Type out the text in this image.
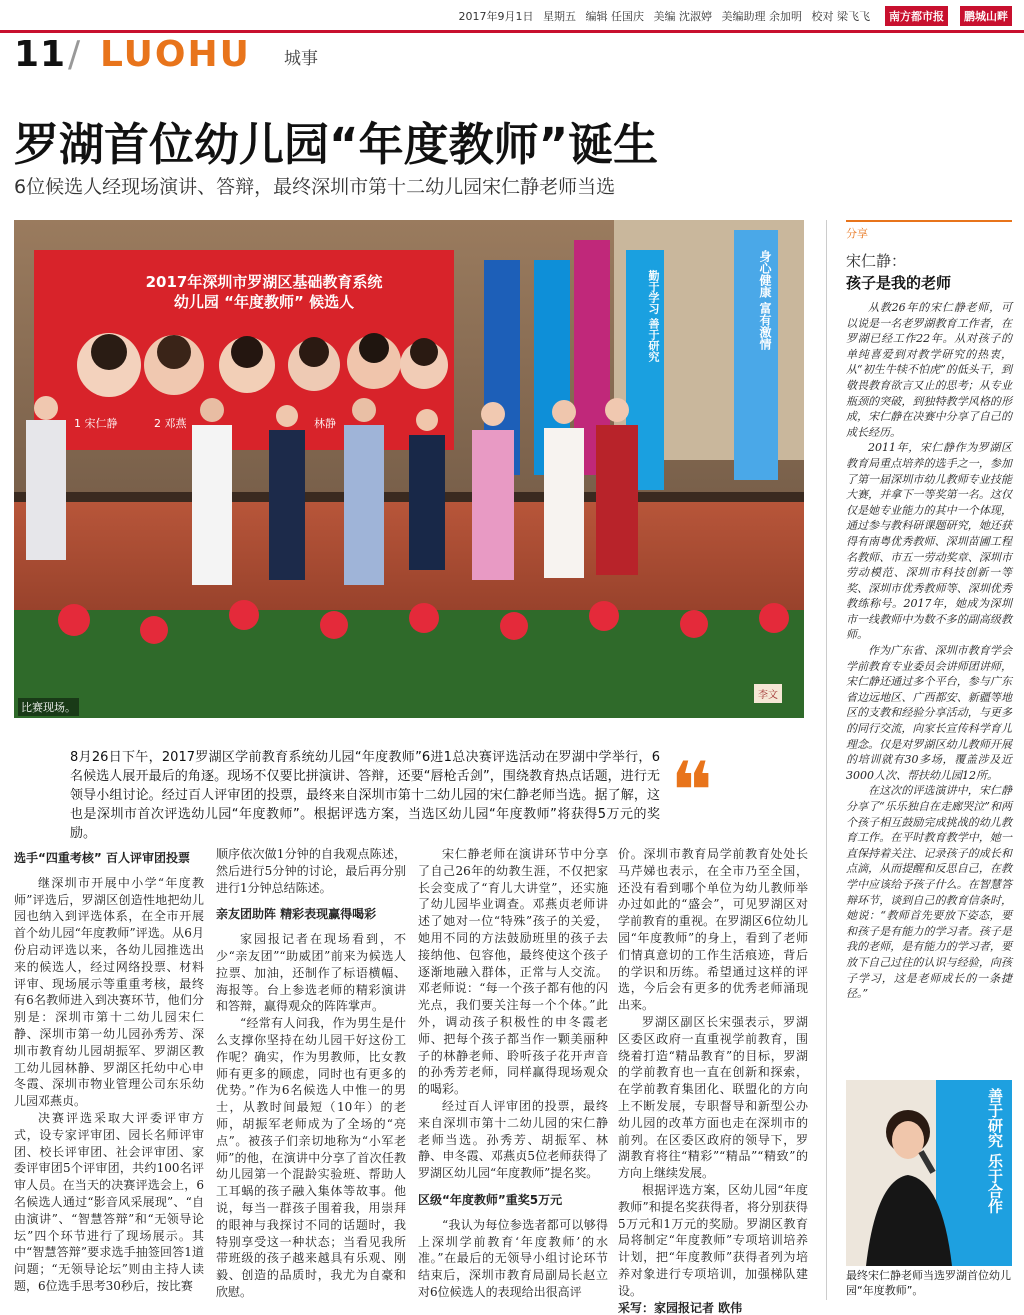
2017年9月1日 星期五 编辑 任国庆 美编 沈淑婷 美编助理 余加明 校对 梁飞飞	南方都市报	鹏城山畔
11 / LUOHU 城事
罗湖首位幼儿园“年度教师”诞生
6位候选人经现场演讲、答辩，最终深圳市第十二幼儿园宋仁静老师当选
2017年深圳市罗湖区基础教育系统
幼儿园 “年度教师” 候选人
1 宋仁静	2 邓燕	林静
身心健康 富有激情
勤于学习 善于研究
李文
比赛现场。
8月26日下午，2017罗湖区学前教育系统幼儿园“年度教师”6进1总决赛评选活动在罗湖中学举行，6名候选人展开最后的角逐。现场不仅要比拼演讲、答辩，还要“唇枪舌剑”，围绕教育热点话题，进行无领导小组讨论。经过百人评审团的投票，最终来自深圳市第十二幼儿园的宋仁静老师当选。据了解，这也是深圳市首次评选幼儿园“年度教师”。根据评选方案，当选区幼儿园“年度教师”将获得5万元的奖励。	❝
选手“四重考核” 百人评审团投票

继深圳市开展中小学“年度教师”评选后，罗湖区创造性地把幼儿园也纳入到评选体系，在全市开展首个幼儿园“年度教师”评选。从6月份启动评选以来，各幼儿园推选出来的候选人，经过网络投票、材料评审、现场展示等重重考核，最终有6名教师进入到决赛环节，他们分别是：深圳市第十二幼儿园宋仁静、深圳市第一幼儿园孙秀芳、深圳市教育幼儿园胡振军、罗湖区教工幼儿园林静、罗湖区托幼中心申冬霞、深圳市物业管理公司东乐幼儿园邓燕贞。

决赛评选采取大评委评审方式，设专家评审团、园长名师评审团、校长评审团、社会评审团、家委评审团5个评审团，共约100名评审人员。在当天的决赛评选会上，6名候选人通过“影音风采展现”、“自由演讲”、“智慧答辩”和“无领导论坛”四个环节进行了现场展示。其中“智慧答辩”要求选手抽签回答1道问题；“无领导论坛”则由主持人读题，6位选手思考30秒后，按比赛

顺序依次做1分钟的自我观点陈述，然后进行5分钟的讨论，最后再分别进行1分钟总结陈述。

亲友团助阵 精彩表现赢得喝彩

家园报记者在现场看到，不少“亲友团”“助威团”前来为候选人拉票、加油，还制作了标语横幅、海报等。台上参选老师的精彩演讲和答辩，赢得观众的阵阵掌声。

“经常有人问我，作为男生是什么支撑你坚持在幼儿园干好这份工作呢？确实，作为男教师，比女教师有更多的顾虑，同时也有更多的优势。”作为6名候选人中惟一的男士，从教时间最短（10年）的老师，胡振军老师成为了全场的“亮点”。被孩子们亲切地称为“小军老师”的他，在演讲中分享了首次任教幼儿园第一个混龄实验班、帮助人工耳蜗的孩子融入集体等故事。他说，每当一群孩子围着我，用崇拜的眼神与我探讨不同的话题时，我特别享受这一种状态；当看见我所带班级的孩子越来越具有乐观、刚毅、创造的品质时，我尤为自豪和欣慰。

宋仁静老师在演讲环节中分享了自己26年的幼教生涯，不仅把家长会变成了“育儿大讲堂”，还实施了幼儿园毕业调查。邓燕贞老师讲述了她对一位“特殊”孩子的关爱，她用不同的方法鼓励班里的孩子去接纳他、包容他，最终使这个孩子逐渐地融入群体，正常与人交流。邓老师说：“每一个孩子都有他的闪光点，我们要关注每一个个体。”此外，调动孩子积极性的申冬霞老师、把每个孩子都当作一颗美丽种子的林静老师、聆听孩子花开声音的孙秀芳老师，同样赢得现场观众的喝彩。

经过百人评审团的投票，最终来自深圳市第十二幼儿园的宋仁静老师当选。孙秀芳、胡振军、林静、申冬霞、邓燕贞5位老师获得了罗湖区幼儿园“年度教师”提名奖。

区级“年度教师”重奖5万元

“我认为每位参选者都可以够得上深圳学前教育‘年度教师’的水准。”在最后的无领导小组讨论环节结束后，深圳市教育局副局长赵立对6位候选人的表现给出很高评

价。深圳市教育局学前教育处处长马芹娣也表示，在全市乃至全国，还没有看到哪个单位为幼儿教师举办过如此的“盛会”，可见罗湖区对学前教育的重视。在罗湖区6位幼儿园“年度教师”的身上，看到了老师们情真意切的工作生活痕迹，背后的学识和历练。希望通过这样的评选，今后会有更多的优秀老师涌现出来。

罗湖区副区长宋强表示，罗湖区委区政府一直重视学前教育，围绕着打造“精品教育”的目标，罗湖的学前教育也一直在创新和探索，在学前教育集团化、联盟化的方向上不断发展，专职督导和新型公办幼儿园的改革方面也走在深圳市的前列。在区委区政府的领导下，罗湖教育将往“精彩”“精品”“精致”的方向上继续发展。

根据评选方案，区幼儿园“年度教师”和提名奖获得者，将分别获得5万元和1万元的奖励。罗湖区教育局将制定“年度教师”专项培训培养计划，把“年度教师”获得者列为培养对象进行专项培训，加强梯队建设。

采写：家园报记者 欧伟

分享
宋仁静：
孩子是我的老师

从教26年的宋仁静老师，可以说是一名老罗湖教育工作者，在罗湖已经工作22年。从对孩子的单纯喜爱到对教学研究的热衷，从“初生牛犊不怕虎”的低头干，到敬畏教育欲言又止的思考；从专业瓶颈的突破，到独特教学风格的形成，宋仁静在决赛中分享了自己的成长经历。

2011年，宋仁静作为罗湖区教育局重点培养的选手之一，参加了第一届深圳市幼儿教师专业技能大赛，并拿下一等奖第一名。这仅仅是她专业能力的其中一个体现，通过参与教科研课题研究，她还获得有南粤优秀教师、深圳苗圃工程名教师、市五一劳动奖章、深圳市劳动模范、深圳市科技创新一等奖、深圳市优秀教师等、深圳优秀教练称号。2017年，她成为深圳市一线教师中为数不多的副高级教师。

作为广东省、深圳市教育学会学前教育专业委员会讲师团讲师，宋仁静还通过多个平台，参与广东省边远地区、广西都安、新疆等地区的支教和经验分享活动，与更多的同行交流，向家长宣传科学育儿理念。仅是对罗湖区幼儿教师开展的培训就有30多场，覆盖涉及近3000人次、帮扶幼儿园12所。

在这次的评选演讲中，宋仁静分享了“乐乐独自在走廊哭泣”和两个孩子相互鼓励完成挑战的幼儿教育工作。在平时教育教学中，她一直保持着关注、记录孩子的成长和点滴，从而提醒和反思自己，在教学中应该给予孩子什么。在智慧答辩环节，谈到自己的教育信条时，她说：“教师首先要放下姿态，要和孩子是有能力的学习者。孩子是我的老师，是有能力的学习者，要放下自己过往的认识与经验，向孩子学习，这是老师成长的一条捷径。”

善于研究 乐于合作
最终宋仁静老师当选罗湖首位幼儿园“年度教师”。
